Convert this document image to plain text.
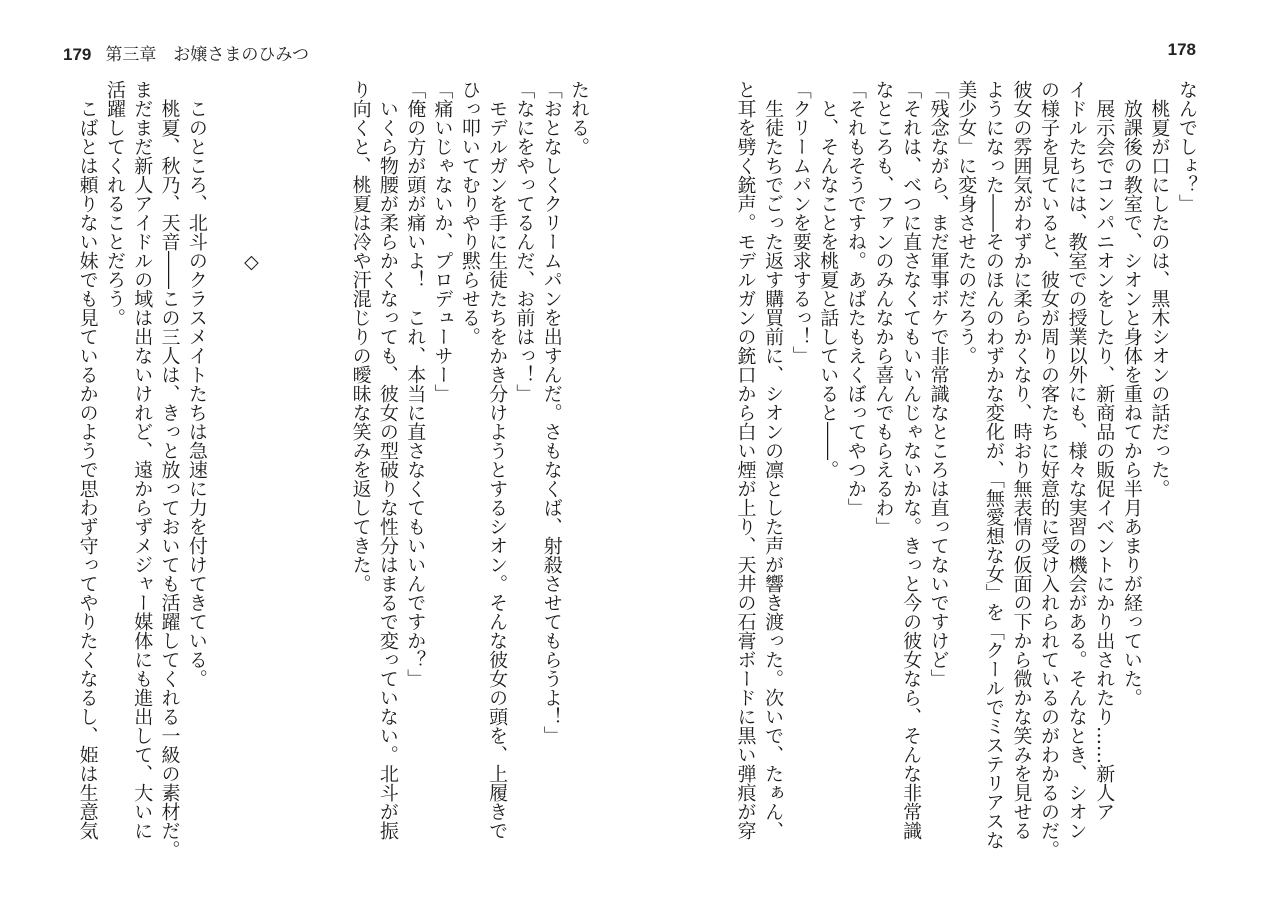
179 第三章　 お嬢さまのひみつ	178
なんでしょ？」
　桃夏が口にしたのは、黒木シオンの話だった。
　放課後の教室で、シオンと身体を重ねてから半月あまりが経っていた。
　展示会でコンパニオンをしたり、新商品の販促イベントにかり出されたり……新人ア
イドルたちには、教室での授業以外にも、様々な実習の機会がある。そんなとき、シオン
の様子を見ていると、彼女が周りの客たちに好意的に受け入れられているのがわかるのだ。
彼女の雰囲気がわずかに柔らかくなり、時おり無表情の仮面の下から微かな笑みを見せる
ようになった――そのほんのわずかな変化が、「無愛想な女」を「クールでミステリアスな
美少女」に変身させたのだろう。
「残念ながら、まだ軍事ボケで非常識なところは直ってないですけど」
「それは、べつに直さなくてもいいんじゃないかな。きっと今の彼女なら、そんな非常識
なところも、ファンのみんなから喜んでもらえるわ」
「それもそうですね。あばたもえくぼってやつか」
　と、そんなことを桃夏と話していると――。
「クリームパンを要求するっ！」
　生徒たちでごった返す購買前に、シオンの凛とした声が響き渡った。次いで、たぁん、
と耳を劈く銃声。モデルガンの銃口から白い煙が上り、天井の石膏ボードに黒い弾痕が穿
たれる。
「おとなしくクリームパンを出すんだ。さもなくば、射殺させてもらうよ！」
「なにをやってるんだ、お前はっ！」
　モデルガンを手に生徒たちをかき分けようとするシオン。そんな彼女の頭を、上履きで
ひっ叩いてむりやり黙らせる。
「痛いじゃないか、プロデューサー」
「俺の方が頭が痛いよ！　これ、本当に直さなくてもいいんですか？」
　いくら物腰が柔らかくなっても、彼女の型破りな性分はまるで変っていない。北斗が振
り向くと、桃夏は冷や汗混じりの曖昧な笑みを返してきた。
　　　　　　　　　◇
　このところ、北斗のクラスメイトたちは急速に力を付けてきている。
　桃夏、秋乃、天音――この三人は、きっと放っておいても活躍してくれる一級の素材だ。
まだまだ新人アイドルの域は出ないけれど、遠からずメジャー媒体にも進出して、大いに
活躍してくれることだろう。
　こばとは頼りない妹でも見ているかのようで思わず守ってやりたくなるし、姫は生意気
